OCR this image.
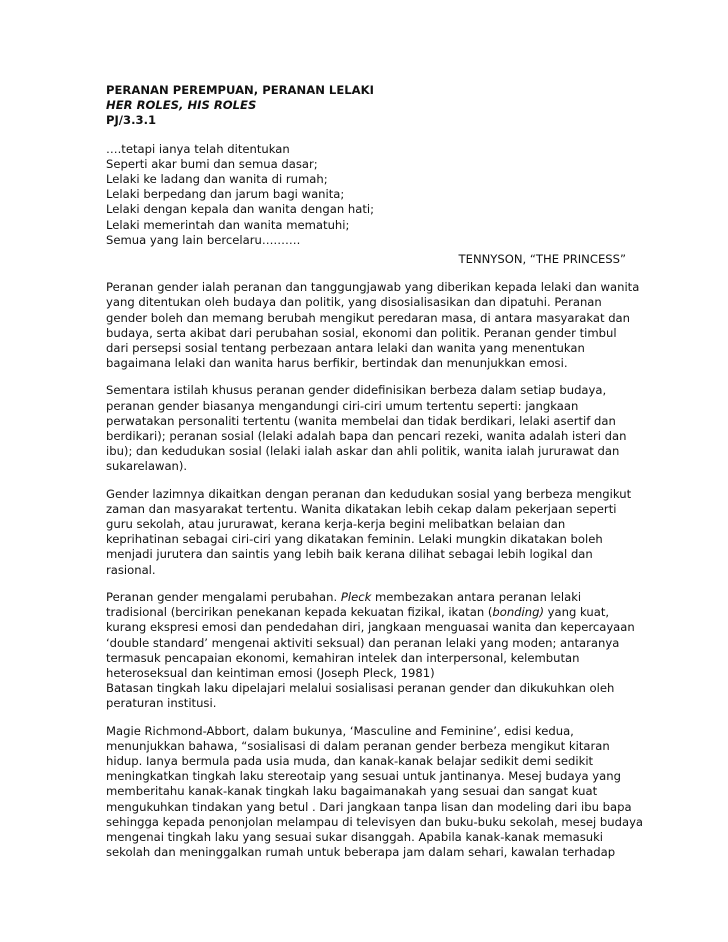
PERANAN PEREMPUAN, PERANAN LELAKI
HER ROLES, HIS ROLES
PJ/3.3.1
….tetapi ianya telah ditentukan
Seperti akar bumi dan semua dasar;
Lelaki ke ladang dan wanita di rumah;
Lelaki berpedang dan jarum bagi wanita;
Lelaki dengan kepala dan wanita dengan hati;
Lelaki memerintah dan wanita mematuhi;
Semua yang lain bercelaru……….
TENNYSON, “THE PRINCESS”
Peranan gender ialah peranan dan tanggungjawab yang diberikan kepada lelaki dan wanita
yang ditentukan oleh budaya dan politik, yang disosialisasikan dan dipatuhi. Peranan
gender boleh dan memang berubah mengikut peredaran masa, di antara masyarakat dan
budaya, serta akibat dari perubahan sosial, ekonomi dan politik. Peranan gender timbul
dari persepsi sosial tentang perbezaan antara lelaki dan wanita yang menentukan
bagaimana lelaki dan wanita harus berfikir, bertindak dan menunjukkan emosi.
Sementara istilah khusus peranan gender didefinisikan berbeza dalam setiap budaya,
peranan gender biasanya mengandungi ciri-ciri umum tertentu seperti: jangkaan
perwatakan personaliti tertentu (wanita membelai dan tidak berdikari, lelaki asertif dan
berdikari); peranan sosial (lelaki adalah bapa dan pencari rezeki, wanita adalah isteri dan
ibu); dan kedudukan sosial (lelaki ialah askar dan ahli politik, wanita ialah jururawat dan
sukarelawan).
Gender lazimnya dikaitkan dengan peranan dan kedudukan sosial yang berbeza mengikut
zaman dan masyarakat tertentu. Wanita dikatakan lebih cekap dalam pekerjaan seperti
guru sekolah, atau jururawat, kerana kerja-kerja begini melibatkan belaian dan
keprihatinan sebagai ciri-ciri yang dikatakan feminin. Lelaki mungkin dikatakan boleh
menjadi jurutera dan saintis yang lebih baik kerana dilihat sebagai lebih logikal dan
rasional.
Peranan gender mengalami perubahan. Pleck membezakan antara peranan lelaki
tradisional (bercirikan penekanan kepada kekuatan fizikal, ikatan (bonding) yang kuat,
kurang ekspresi emosi dan pendedahan diri, jangkaan menguasai wanita dan kepercayaan
‘double standard’ mengenai aktiviti seksual) dan peranan lelaki yang moden; antaranya
termasuk pencapaian ekonomi, kemahiran intelek dan interpersonal, kelembutan
heteroseksual dan keintiman emosi (Joseph Pleck, 1981)
Batasan tingkah laku dipelajari melalui sosialisasi peranan gender dan dikukuhkan oleh
peraturan institusi.
Magie Richmond-Abbort, dalam bukunya, ‘Masculine and Feminine’, edisi kedua,
menunjukkan bahawa, “sosialisasi di dalam peranan gender berbeza mengikut kitaran
hidup. Ianya bermula pada usia muda, dan kanak-kanak belajar sedikit demi sedikit
meningkatkan tingkah laku stereotaip yang sesuai untuk jantinanya. Mesej budaya yang
memberitahu kanak-kanak tingkah laku bagaimanakah yang sesuai dan sangat kuat
mengukuhkan tindakan yang betul . Dari jangkaan tanpa lisan dan modeling dari ibu bapa
sehingga kepada penonjolan melampau di televisyen dan buku-buku sekolah, mesej budaya
mengenai tingkah laku yang sesuai sukar disanggah. Apabila kanak-kanak memasuki
sekolah dan meninggalkan rumah untuk beberapa jam dalam sehari, kawalan terhadap
